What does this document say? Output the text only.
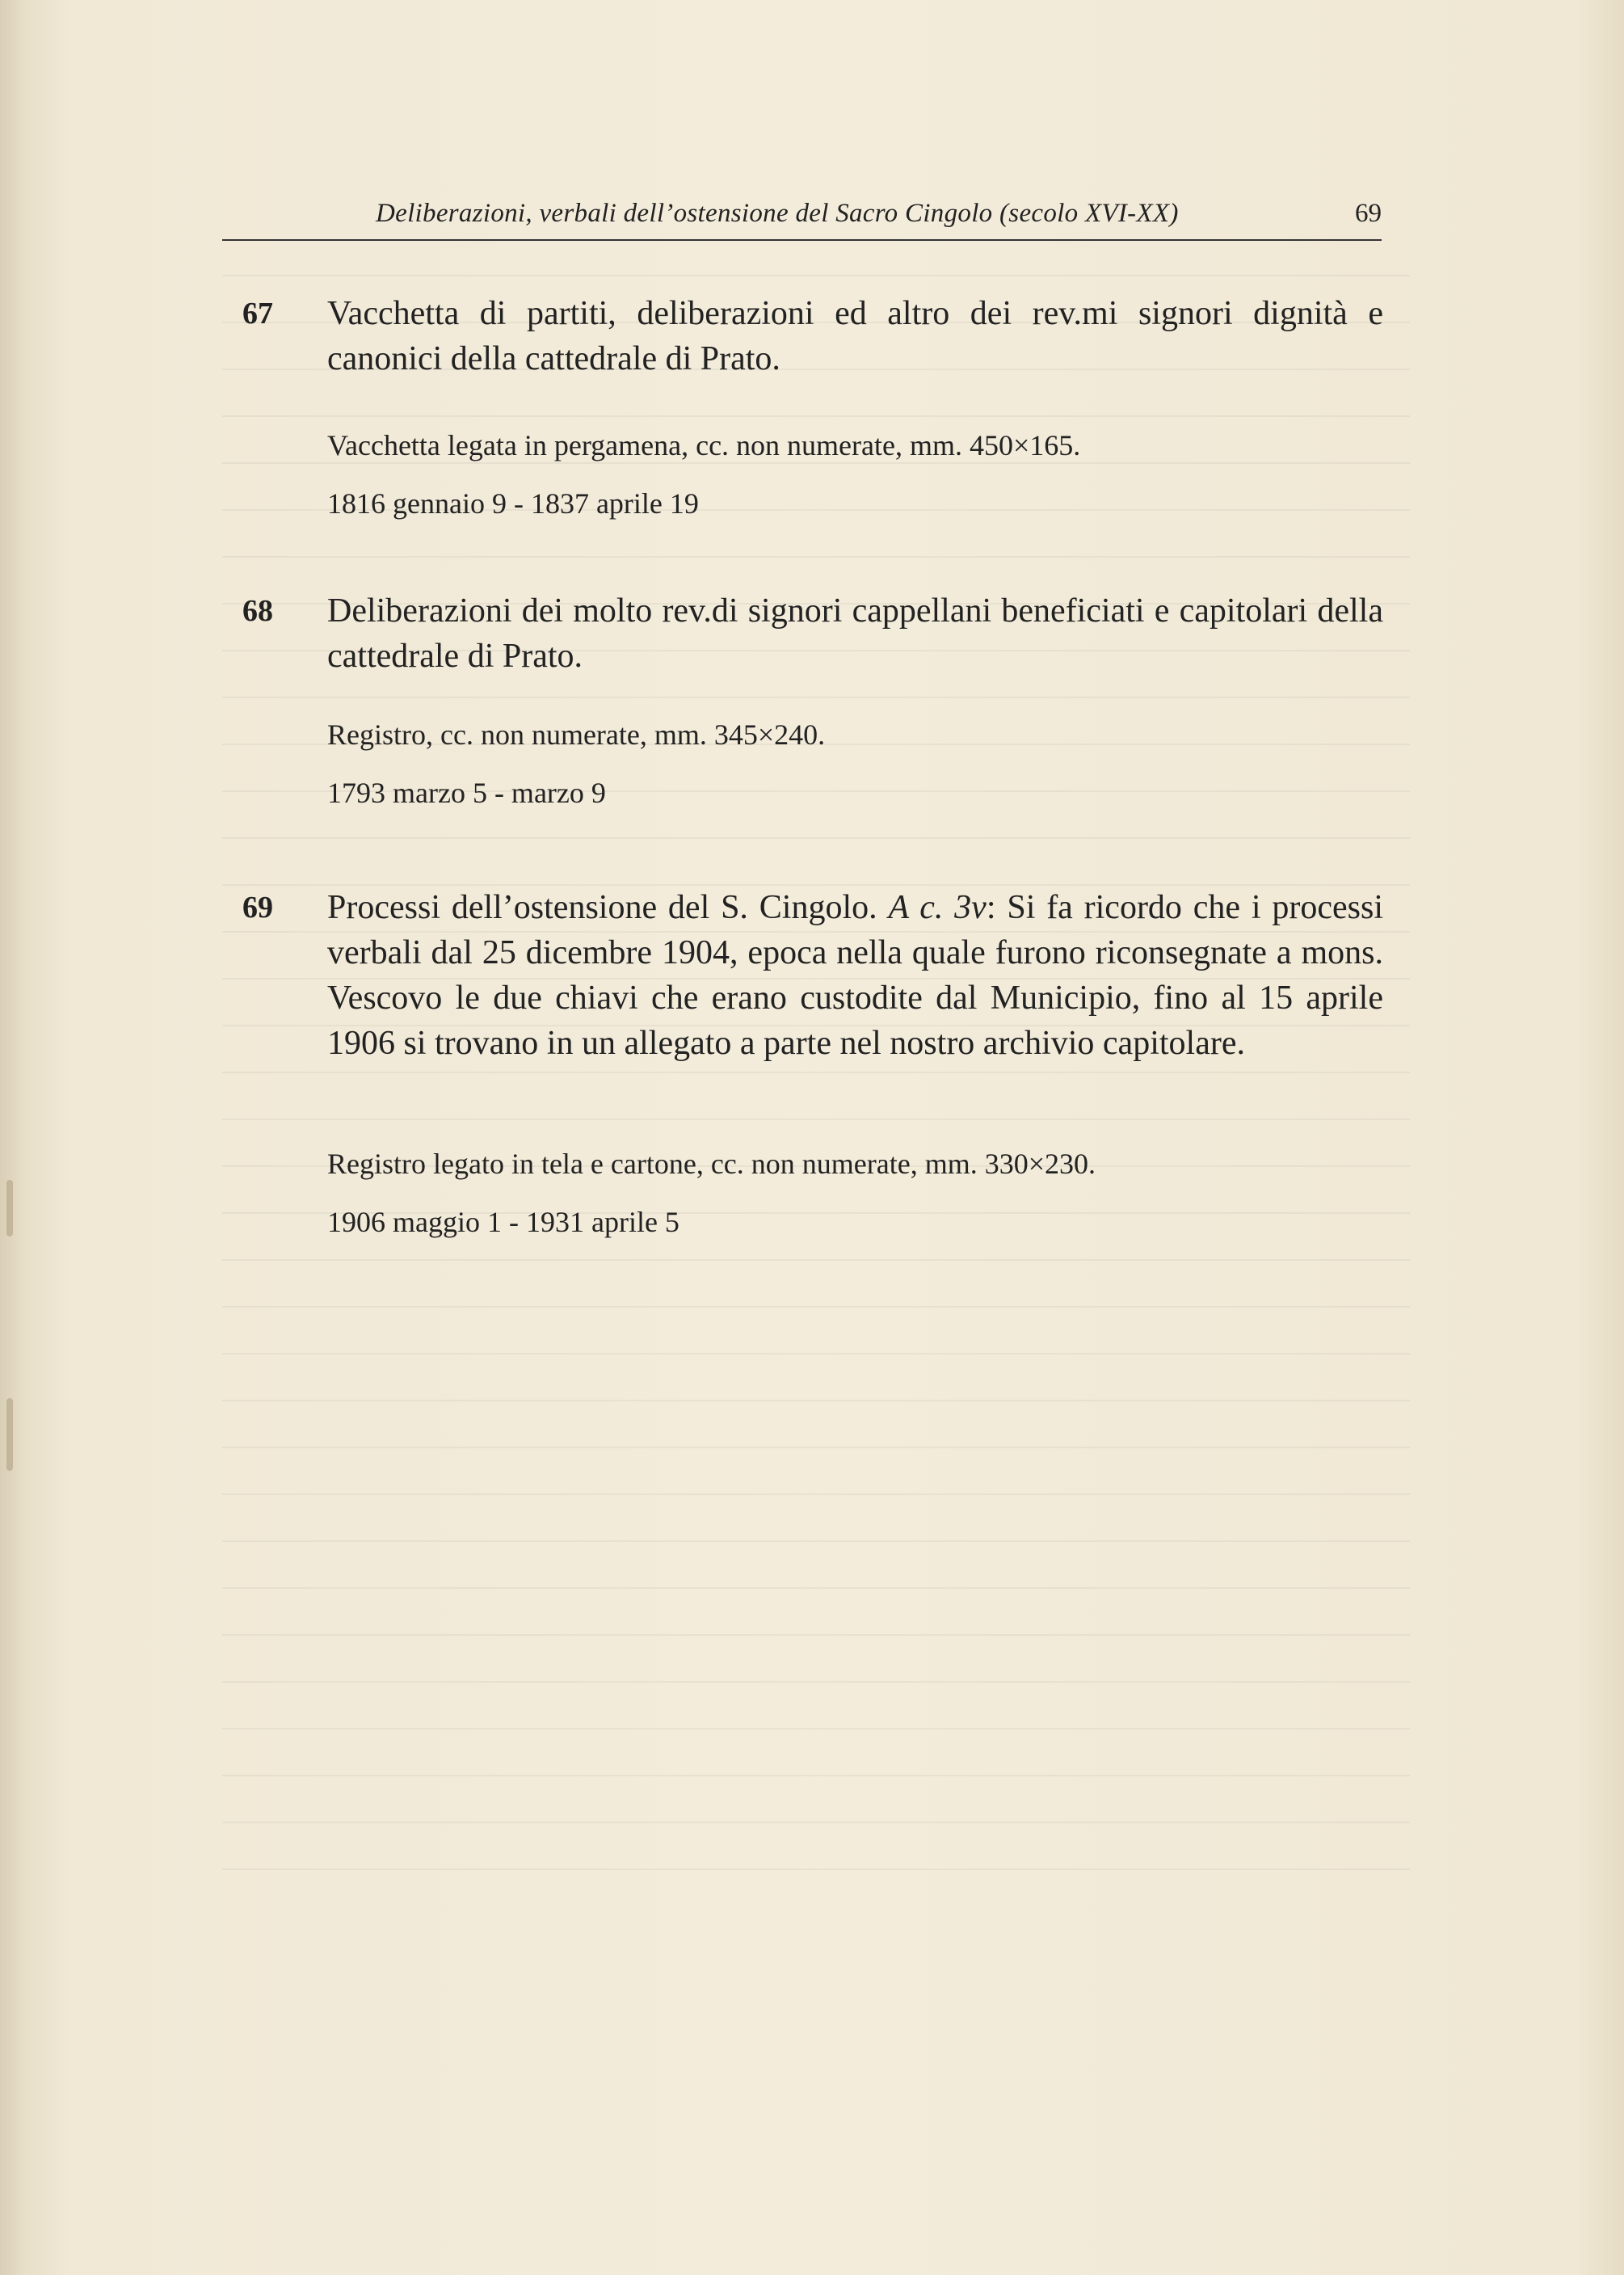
Deliberazioni, verbali dell’ostensione del Sacro Cingolo (secolo XVI-XX)	69
67 Vacchetta di partiti, deliberazioni ed altro dei rev.mi signori dignità e canonici della cattedrale di Prato.
Vacchetta legata in pergamena, cc. non numerate, mm. 450×165.
1816 gennaio 9 - 1837 aprile 19
68 Deliberazioni dei molto rev.di signori cappellani beneficiati e capitolari della cattedrale di Prato.
Registro, cc. non numerate, mm. 345×240.
1793 marzo 5 - marzo 9
69 Processi dell’ostensione del S. Cingolo. A c. 3v: Si fa ricordo che i processi verbali dal 25 dicembre 1904, epoca nella quale furono riconsegnate a mons. Vescovo le due chiavi che erano custodite dal Municipio, fino al 15 aprile 1906 si trovano in un allegato a parte nel nostro archivio capitolare.
Registro legato in tela e cartone, cc. non numerate, mm. 330×230.
1906 maggio 1 - 1931 aprile 5
